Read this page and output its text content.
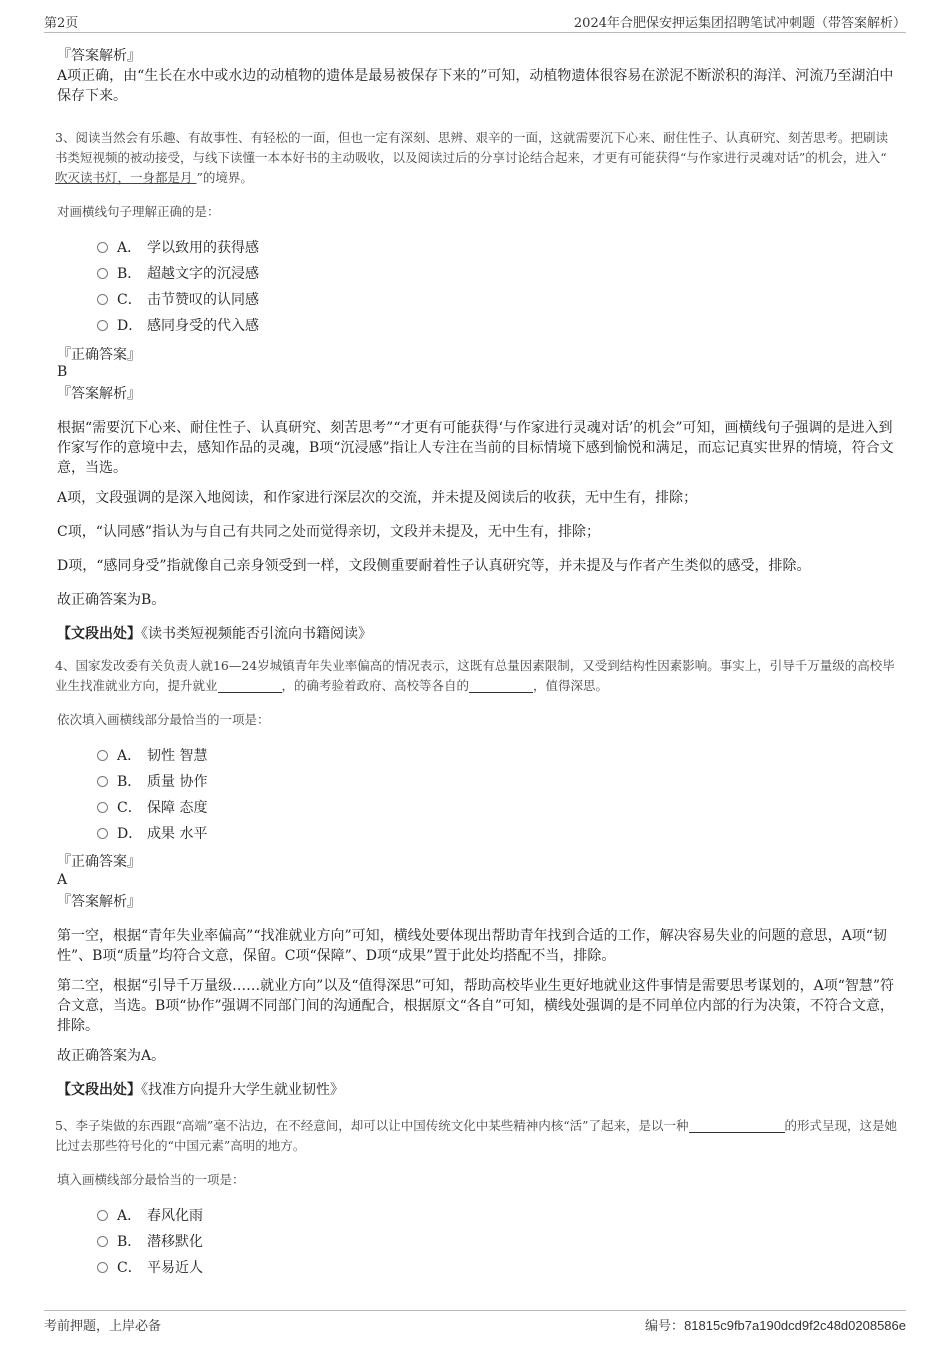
第2页	2024年合肥保安押运集团招聘笔试冲刺题（带答案解析）
『答案解析』
A项正确，由“生长在水中或水边的动植物的遗体是最易被保存下来的”可知，动植物遗体很容易在淤泥不断淤积的海洋、河流乃至湖泊中保存下来。
3、阅读当然会有乐趣、有故事性、有轻松的一面，但也一定有深刻、思辨、艰辛的一面，这就需要沉下心来、耐住性子、认真研究、刻苦思考。把刷读书类短视频的被动接受，与线下读懂一本本好书的主动吸收，以及阅读过后的分享讨论结合起来，才更有可能获得“与作家进行灵魂对话”的机会，进入“ 吹灭读书灯，一身都是月 ”的境界。
对画横线句子理解正确的是：
A． 学以致用的获得感
B． 超越文字的沉浸感
C． 击节赞叹的认同感
D． 感同身受的代入感
『正确答案』
B
『答案解析』
根据“需要沉下心来、耐住性子、认真研究、刻苦思考”“才更有可能获得‘与作家进行灵魂对话’的机会”可知，画横线句子强调的是进入到作家写作的意境中去，感知作品的灵魂，B项“沉浸感”指让人专注在当前的目标情境下感到愉悦和满足，而忘记真实世界的情境，符合文意，当选。
A项，文段强调的是深入地阅读，和作家进行深层次的交流，并未提及阅读后的收获，无中生有，排除；
C项，“认同感”指认为与自己有共同之处而觉得亲切，文段并未提及，无中生有，排除；
D项，“感同身受”指就像自己亲身领受到一样，文段侧重要耐着性子认真研究等，并未提及与作者产生类似的感受，排除。
故正确答案为B。
【文段出处】《读书类短视频能否引流向书籍阅读》
4、国家发改委有关负责人就16—24岁城镇青年失业率偏高的情况表示，这既有总量因素限制，又受到结构性因素影响。事实上，引导千万量级的高校毕业生找准就业方向，提升就业	，的确考验着政府、高校等各自的	，值得深思。
依次填入画横线部分最恰当的一项是：
A． 韧性 智慧
B． 质量 协作
C． 保障 态度
D． 成果 水平
『正确答案』
A
『答案解析』
第一空，根据“青年失业率偏高”“找准就业方向”可知，横线处要体现出帮助青年找到合适的工作，解决容易失业的问题的意思，A项“韧性”、B项“质量”均符合文意，保留。C项“保障”、D项“成果”置于此处均搭配不当，排除。
第二空，根据“引导千万量级……就业方向”以及“值得深思”可知，帮助高校毕业生更好地就业这件事情是需要思考谋划的，A项“智慧”符合文意，当选。B项“协作”强调不同部门间的沟通配合，根据原文“各自”可知，横线处强调的是不同单位内部的行为决策，不符合文意，排除。
故正确答案为A。
【文段出处】《找准方向提升大学生就业韧性》
5、李子柒做的东西跟“高端”毫不沾边，在不经意间，却可以让中国传统文化中某些精神内核“活”了起来，是以一种	的形式呈现，这是她比过去那些符号化的“中国元素”高明的地方。
填入画横线部分最恰当的一项是：
A． 春风化雨
B． 潜移默化
C． 平易近人
考前押题，上岸必备	编号：81815c9fb7a190dcd9f2c48d0208586e
